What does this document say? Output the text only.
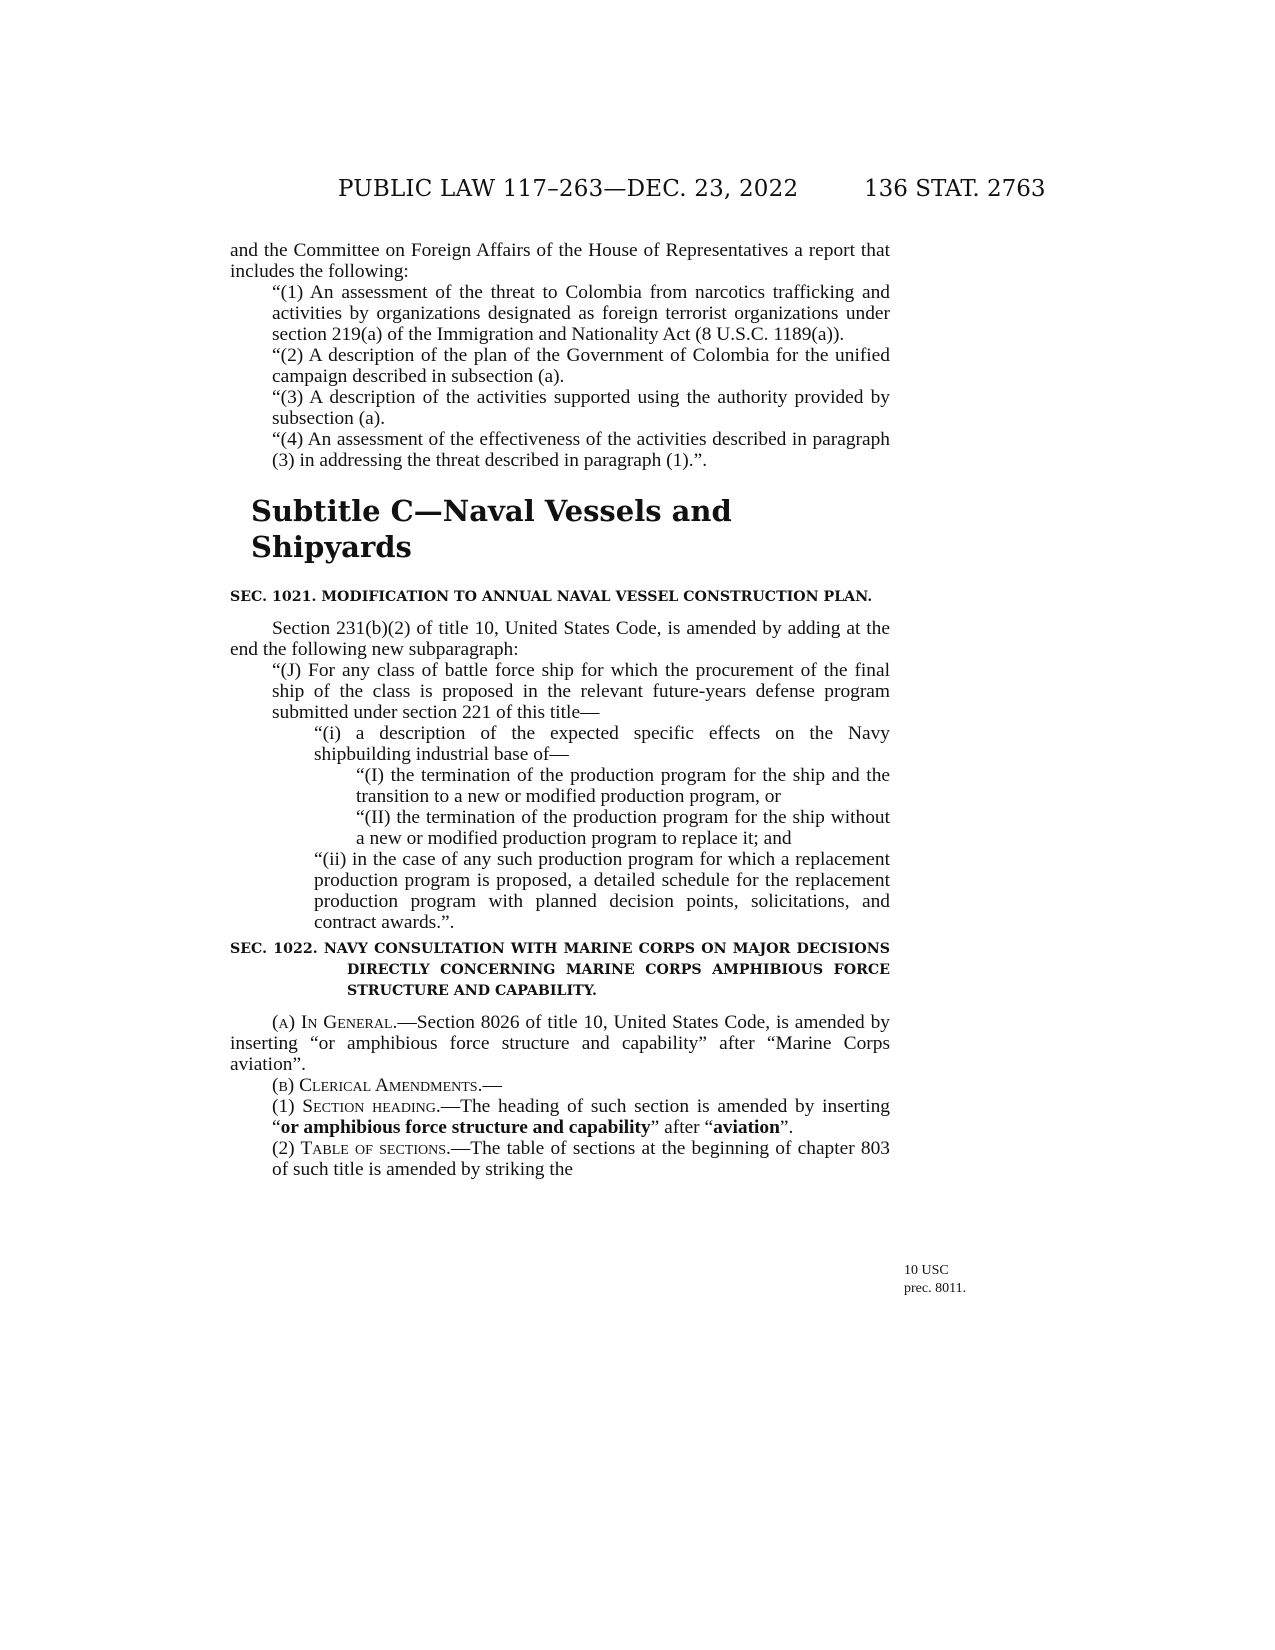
PUBLIC LAW 117–263—DEC. 23, 2022	136 STAT. 2763

and the Committee on Foreign Affairs of the House of Representatives a report that includes the following:

“(1) An assessment of the threat to Colombia from narcotics trafficking and activities by organizations designated as foreign terrorist organizations under section 219(a) of the Immigration and Nationality Act (8 U.S.C. 1189(a)).

“(2) A description of the plan of the Government of Colombia for the unified campaign described in subsection (a).

“(3) A description of the activities supported using the authority provided by subsection (a).

“(4) An assessment of the effectiveness of the activities described in paragraph (3) in addressing the threat described in paragraph (1).”.

Subtitle C—Naval Vessels and Shipyards
SEC. 1021. MODIFICATION TO ANNUAL NAVAL VESSEL CONSTRUCTION PLAN.

Section 231(b)(2) of title 10, United States Code, is amended by adding at the end the following new subparagraph:

“(J) For any class of battle force ship for which the procurement of the final ship of the class is proposed in the relevant future-years defense program submitted under section 221 of this title—

“(i) a description of the expected specific effects on the Navy shipbuilding industrial base of—

“(I) the termination of the production program for the ship and the transition to a new or modified production program, or

“(II) the termination of the production program for the ship without a new or modified production program to replace it; and

“(ii) in the case of any such production program for which a replacement production program is proposed, a detailed schedule for the replacement production program with planned decision points, solicitations, and contract awards.”.

SEC. 1022. NAVY CONSULTATION WITH MARINE CORPS ON MAJOR DECISIONS DIRECTLY CONCERNING MARINE CORPS AMPHIBIOUS FORCE STRUCTURE AND CAPABILITY.

(a) In General.—Section 8026 of title 10, United States Code, is amended by inserting “or amphibious force structure and capability” after “Marine Corps aviation”.

(b) Clerical Amendments.—

(1) Section heading.—The heading of such section is amended by inserting “or amphibious force structure and capability” after “aviation”.

(2) Table of sections.—The table of sections at the beginning of chapter 803 of such title is amended by striking the

10 USC
prec. 8011.
